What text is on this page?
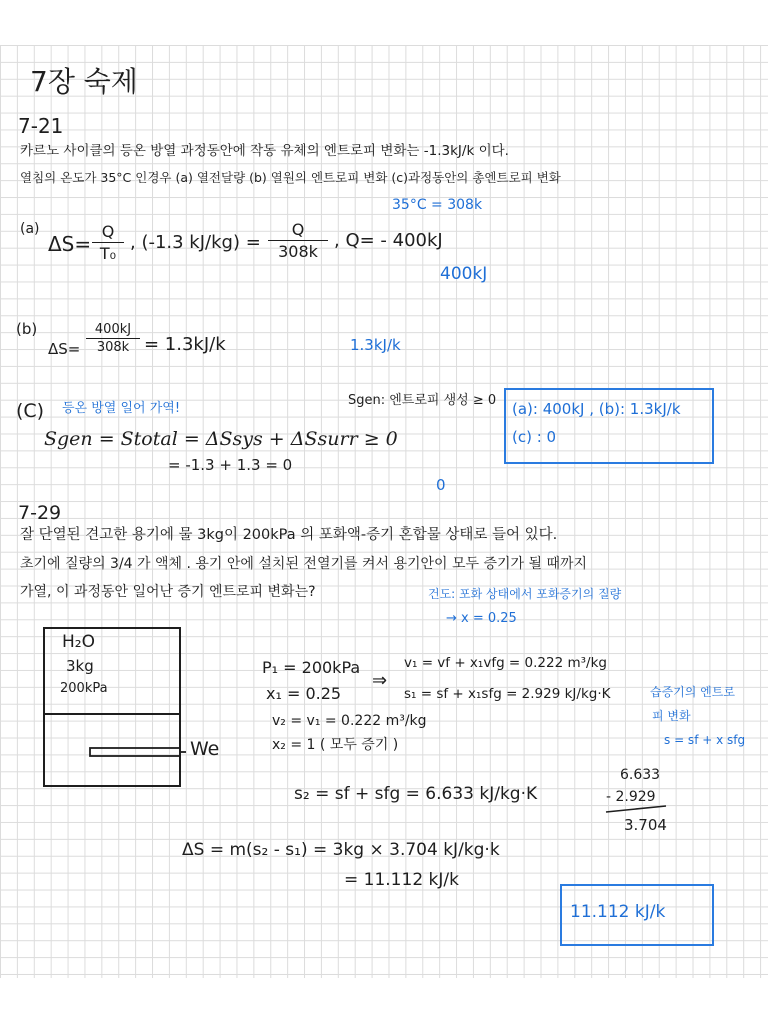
7장 숙제
7-21
카르노 사이클의 등온 방열 과정동안에 작동 유체의 엔트로피 변화는 -1.3kJ/k 이다.
열침의 온도가 35°C 인경우 (a) 열전달량 (b) 열원의 엔트로피 변화 (c)과정동안의 총엔트로피 변화
35°C = 308k
(a)
$\Delta S= \frac{Q}{\text{T₀}}$ , (-1.3 $kJ/kg) = \frac{Q}{308k}$ , Q= - 400kJ
400kJ
(b)
$\Delta S= \frac{400kJ}{308k} = 1.3kJ/k$	1.3kJ/k
(C) 등온 방열 일어 가역!
Sgen: 엔트로피 생성 ≥ 0
Sgen = Stotal = ΔSsys + ΔSsurr ≥ 0
= -1.3 + 1.3 = 0
0
(a): 400kJ , (b): 1.3kJ/k
(c) : 0
7-29
잘 단열된 견고한 용기에 물 3kg이 200kPa 의 포화액-증기 혼합물 상태로 들어 있다.
초기에 질량의 3/4 가 액체 . 용기 안에 설치된 전열기를 켜서 용기안이 모두 증기가 될 때까지
가열, 이 과정동안 일어난 증기 엔트로피 변화는?	건도: 포화 상태에서 포화증기의 질량
→ x = 0.25
H₂O
3kg
200kPa
We
P₁ = 200kPa
x₁ = 0.25
⇒
v₁ = vf + x₁vfg = 0.222 m³/kg
s₁ = sf + x₁sfg = 2.929 kJ/kg·K
v₂ = v₁ = 0.222 m³/kg
x₂ = 1 ( 모두 증기 )
습증기의 엔트로
피 변화
s = sf + x sfg
6.633
- 2.929
3.704
s₂ = sf + sfg = 6.633 kJ/kg·K
ΔS = m(s₂ - s₁) = 3kg × 3.704 kJ/kg·k
= 11.112 kJ/k
11.112 kJ/k
